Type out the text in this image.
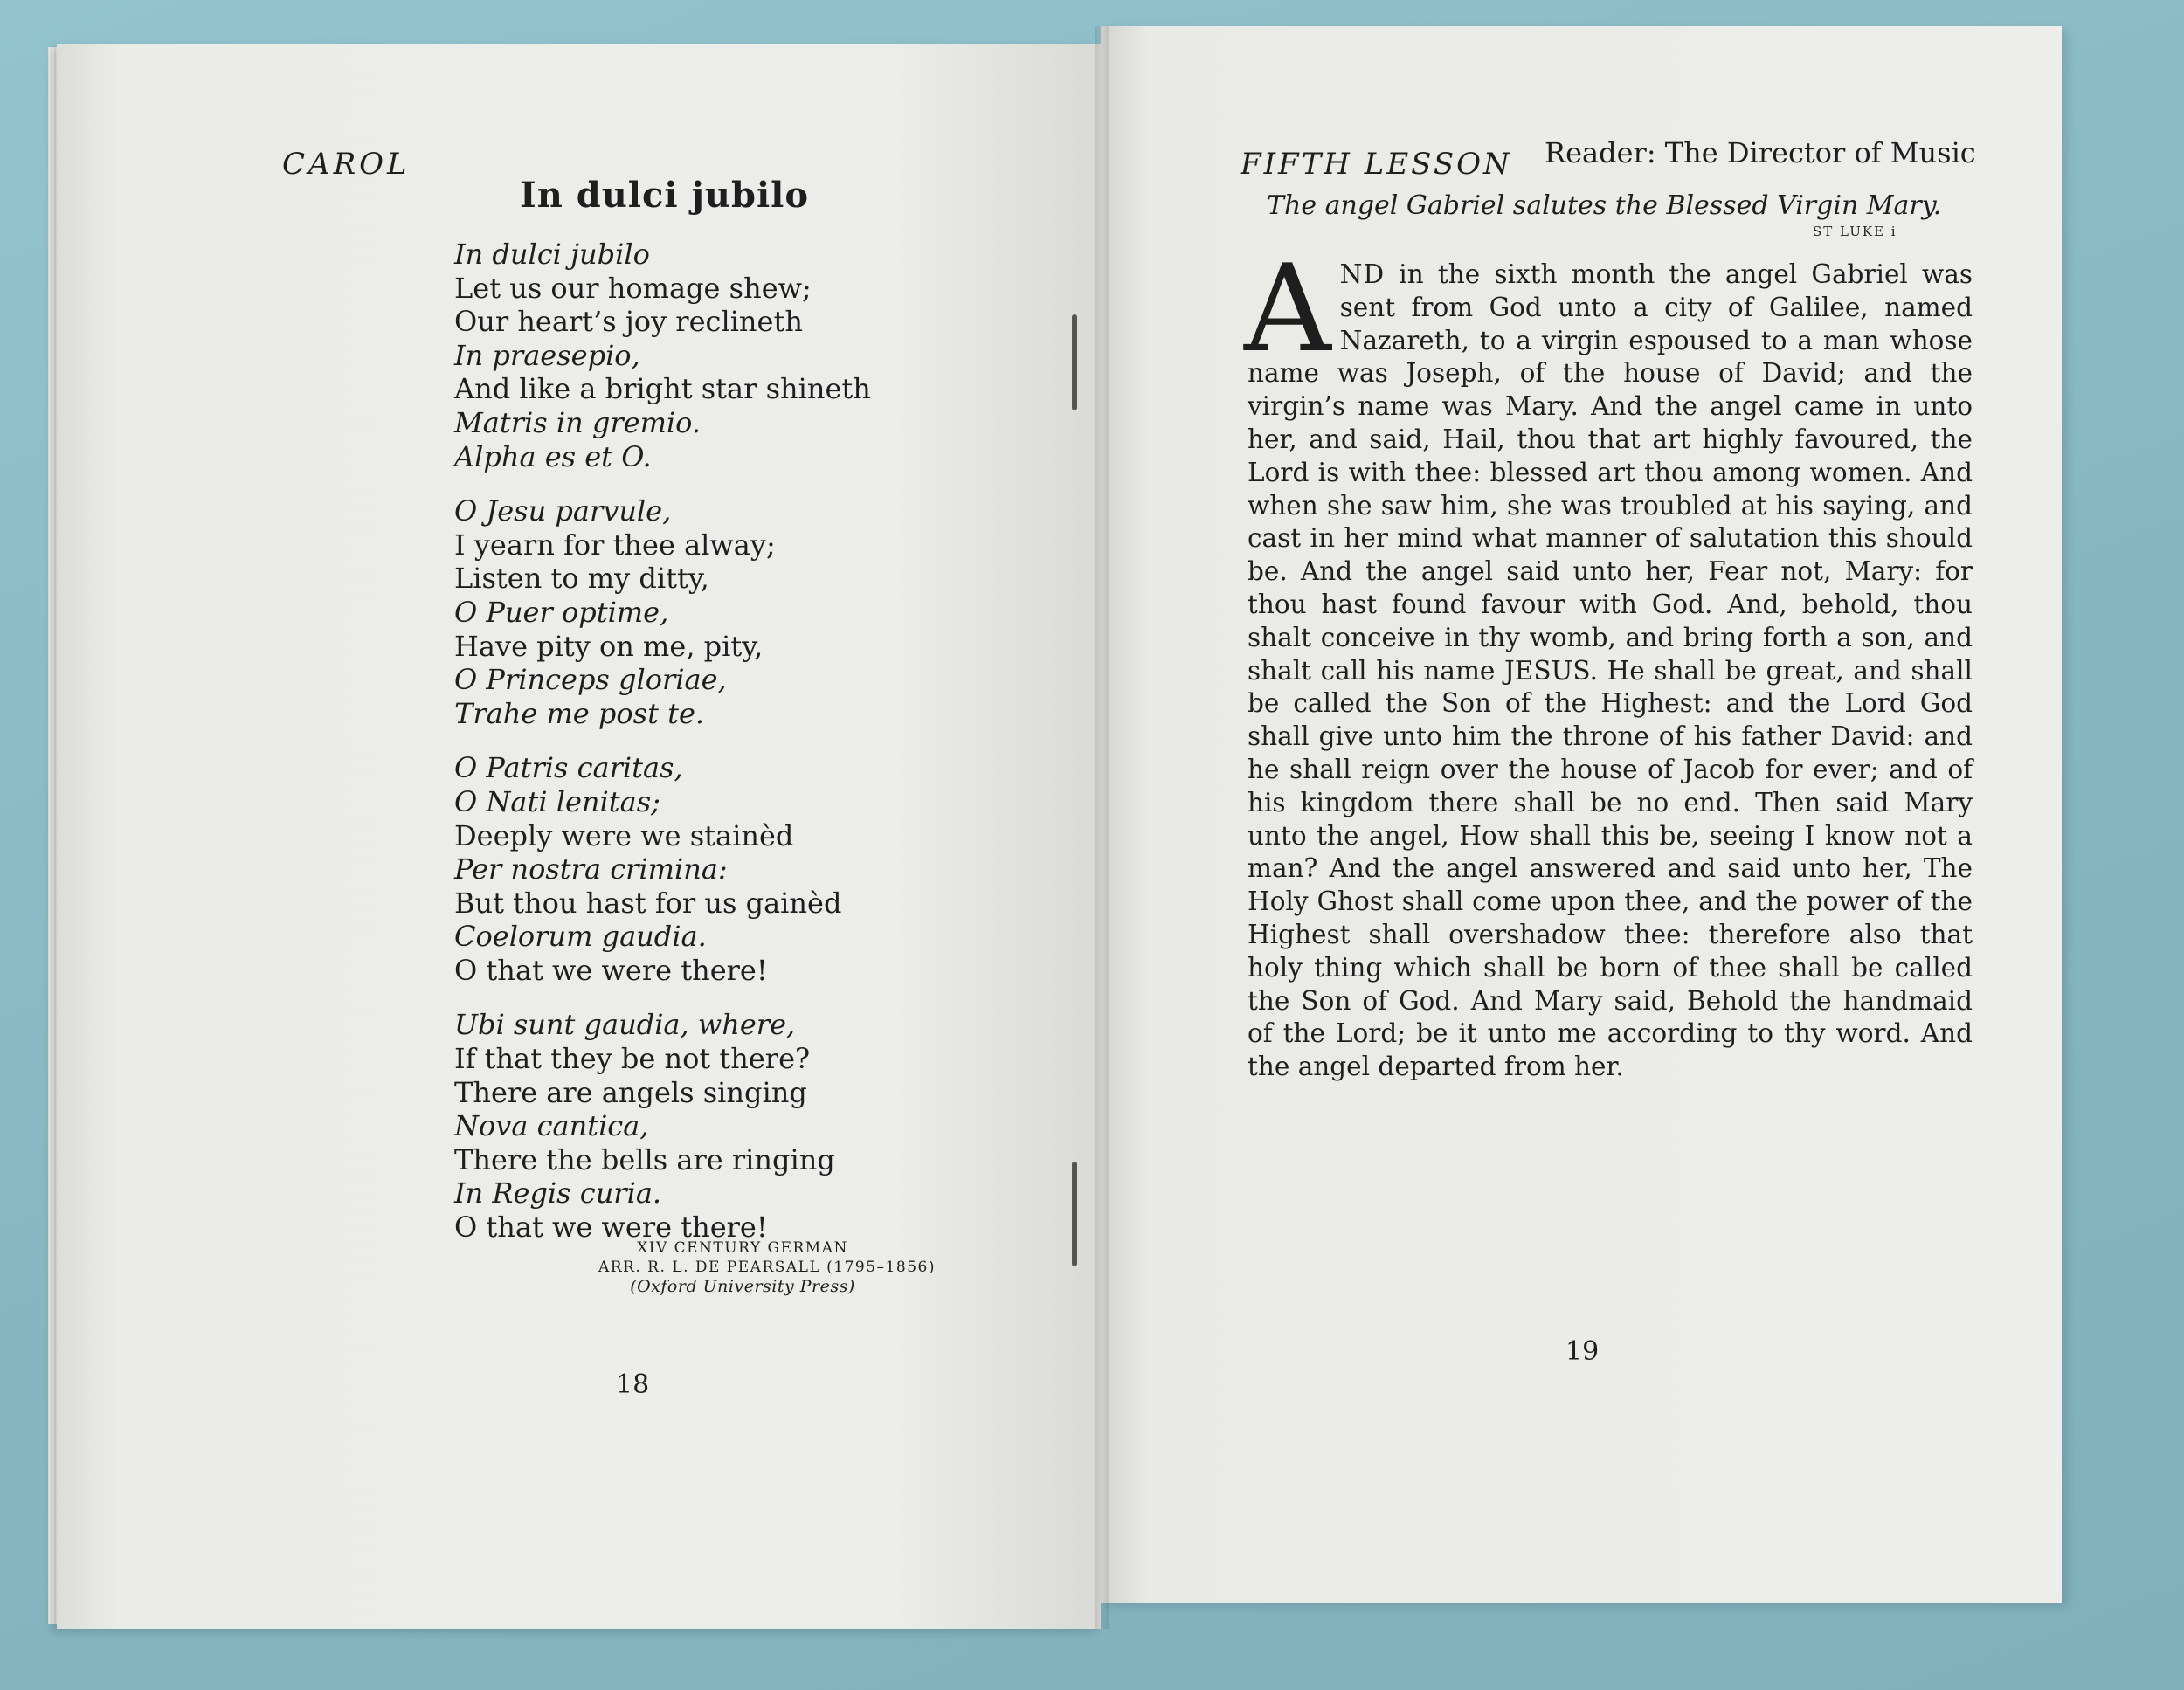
CAROL
In dulci jubilo
In dulci jubilo
Let us our homage shew;
Our heart’s joy reclineth
In praesepio,
And like a bright star shineth
Matris in gremio.
Alpha es et O.
O Jesu parvule,
I yearn for thee alway;
Listen to my ditty,
O Puer optime,
Have pity on me, pity,
O Princeps gloriae,
Trahe me post te.
O Patris caritas,
O Nati lenitas;
Deeply were we stainèd
Per nostra crimina:
But thou hast for us gainèd
Coelorum gaudia.
O that we were there!
Ubi sunt gaudia, where,
If that they be not there?
There are angels singing
Nova cantica,
There the bells are ringing
In Regis curia.
O that we were there!
XIV CENTURY GERMAN
ARR. R. L. DE PEARSALL (1795–1856)
(Oxford University Press)
18
FIFTH LESSON Reader: The Director of Music
The angel Gabriel salutes the Blessed Virgin Mary.
ST LUKE i
AND in the sixth month the angel Gabriel was sent from God unto a city of Galilee, named Nazareth, to a virgin espoused to a man whose name was Joseph, of the house of David; and the virgin’s name was Mary. And the angel came in unto her, and said, Hail, thou that art highly favoured, the Lord is with thee: blessed art thou among women. And when she saw him, she was troubled at his saying, and cast in her mind what manner of salutation this should be. And the angel said unto her, Fear not, Mary: for thou hast found favour with God. And, behold, thou shalt conceive in thy womb, and bring forth a son, and shalt call his name JESUS. He shall be great, and shall be called the Son of the Highest: and the Lord God shall give unto him the throne of his father David: and he shall reign over the house of Jacob for ever; and of his kingdom there shall be no end. Then said Mary unto the angel, How shall this be, seeing I know not a man? And the angel answered and said unto her, The Holy Ghost shall come upon thee, and the power of the Highest shall overshadow thee: therefore also that holy thing which shall be born of thee shall be called the Son of God. And Mary said, Behold the handmaid of the Lord; be it unto me according to thy word. And the angel departed from her.
19
